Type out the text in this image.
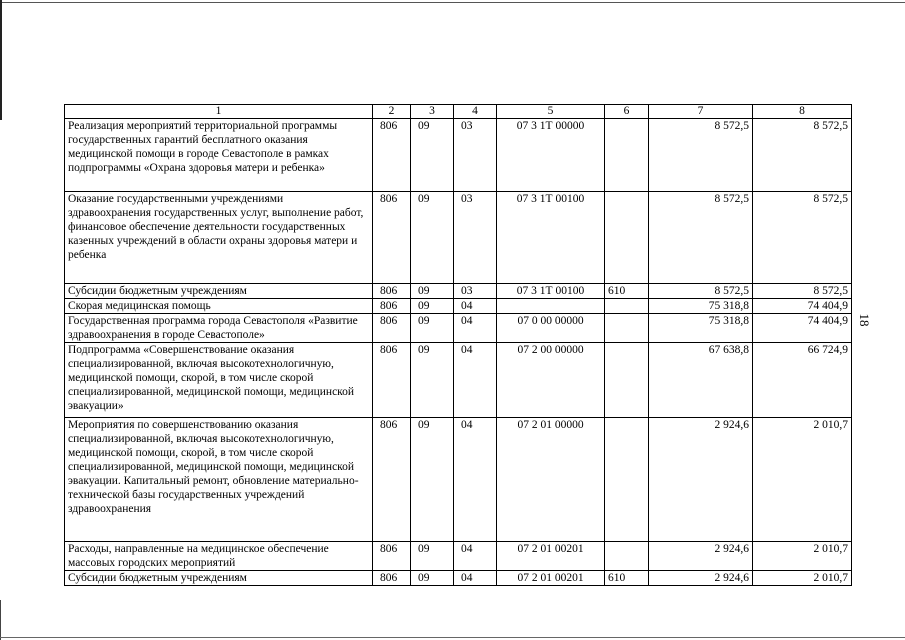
18
1	2	3	4	5	6	7	8
Реализация мероприятий территориальной программы государственных гарантий бесплатного оказания медицинской помощи в городе Севастополе в рамках подпрограммы «Охрана здоровья матери и ребенка»	806	09	03	07 3 1Т 00000		8 572,5	8 572,5
Оказание государственными учреждениями здравоохранения государственных услуг, выполнение работ, финансовое обеспечение деятельности государственных казенных учреждений в области охраны здоровья матери и ребенка	806	09	03	07 3 1Т 00100		8 572,5	8 572,5
Субсидии бюджетным учреждениям	806	09	03	07 3 1Т 00100	610	8 572,5	8 572,5
Скорая медицинская помощь	806	09	04			75 318,8	74 404,9
Государственная программа города Севастополя «Развитие здравоохранения в городе Севастополе»	806	09	04	07 0 00 00000		75 318,8	74 404,9
Подпрограмма «Совершенствование оказания специализированной, включая высокотехнологичную, медицинской помощи, скорой, в том числе скорой специализированной, медицинской помощи, медицинской эвакуации»	806	09	04	07 2 00 00000		67 638,8	66 724,9
Мероприятия по совершенствованию оказания специализированной, включая высокотехнологичную, медицинской помощи, скорой, в том числе скорой специализированной, медицинской помощи, медицинской эвакуации. Капитальный ремонт, обновление материально-технической базы государственных учреждений здравоохранения	806	09	04	07 2 01 00000		2 924,6	2 010,7
Расходы, направленные на медицинское обеспечение массовых городских мероприятий	806	09	04	07 2 01 00201		2 924,6	2 010,7
Субсидии бюджетным учреждениям	806	09	04	07 2 01 00201	610	2 924,6	2 010,7
